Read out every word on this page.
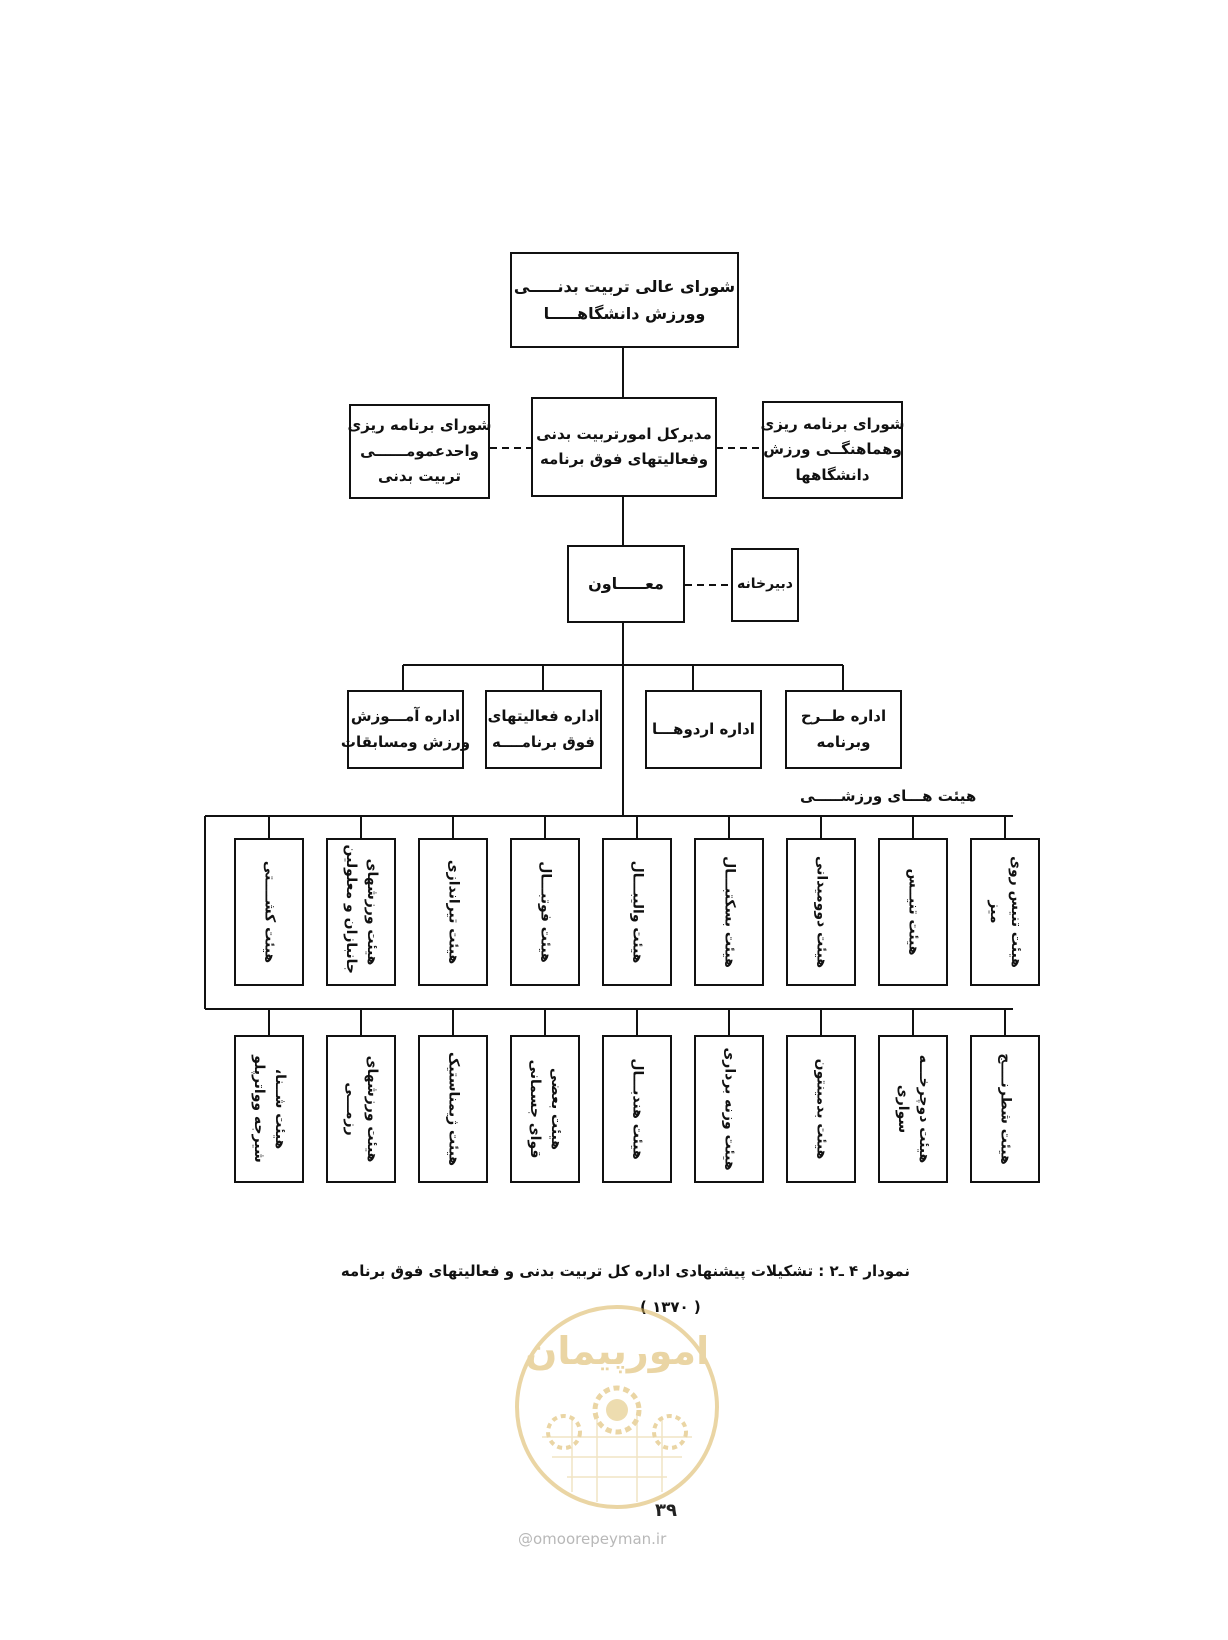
شورای عالی تربیت بدنـــــی
وورزش دانشگاهـــــا
مدیرکل امورتربیت بدنی
وفعالیتهای فوق برنامه
شورای برنامه ریزی
واحدعمومــــــی
تربیت بدنی
شورای برنامه ریزی
وهماهنگــی ورزش
دانشگاهها
معـــــاون	دبیرخانه
اداره آمـــوزش
ورزش ومسابقات
اداره فعالیتهای
فوق برنامــــه
اداره اردوهـــا
اداره طــرح
وبرنامه
هیئت هـــای ورزشـــــی
هیئت کشــــتی	هیئت ورزشهای
جانبازان و معلولین	هیئت تیراندازی	هیئت فوتبـــال	هیئت والیبـــال	هیئت بسکتبـــال	هیئت دوومیدانی	هیئت تنیــس	هیئت تنیس روی
میز
هیئت شــنا،
شیرجه وواترپلو	هیئت ورزشهای
رزمـــی	هیئت ژیمناستیک	هیئت بعضی
قوای جسمانی	هیئت هندبـــال	هیئت وزنه برداری	هیئت بدمینتون	هیئت دوچرخـــه
سواری	هیئت شطرنــــج
نمودار ۴ ـ۲ : تشکیلات پیشنهادی اداره کل تربیت بدنی و فعالیتهای فوق برنامه
( ۱۳۷۰ )
امورپیمان
۳۹
@omoorepeyman.ir
